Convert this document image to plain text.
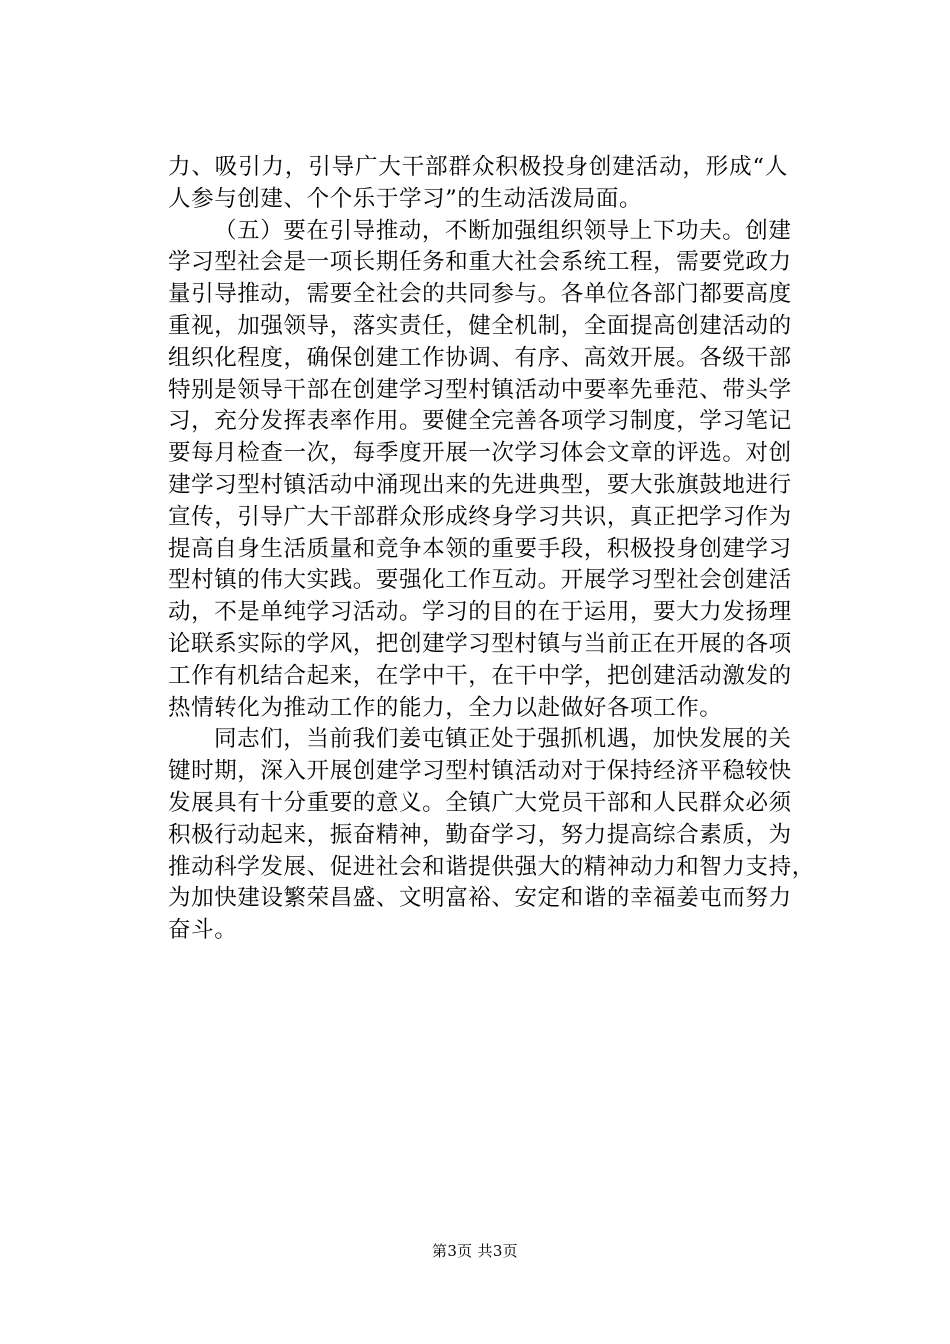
力、吸引力，引导广大干部群众积极投身创建活动，形成“人
人参与创建、个个乐于学习”的生动活泼局面。
（五）要在引导推动，不断加强组织领导上下功夫。创建
学习型社会是一项长期任务和重大社会系统工程，需要党政力
量引导推动，需要全社会的共同参与。各单位各部门都要高度
重视，加强领导，落实责任，健全机制，全面提高创建活动的
组织化程度，确保创建工作协调、有序、高效开展。各级干部
特别是领导干部在创建学习型村镇活动中要率先垂范、带头学
习，充分发挥表率作用。要健全完善各项学习制度，学习笔记
要每月检查一次，每季度开展一次学习体会文章的评选。对创
建学习型村镇活动中涌现出来的先进典型，要大张旗鼓地进行
宣传，引导广大干部群众形成终身学习共识，真正把学习作为
提高自身生活质量和竞争本领的重要手段，积极投身创建学习
型村镇的伟大实践。要强化工作互动。开展学习型社会创建活
动，不是单纯学习活动。学习的目的在于运用，要大力发扬理
论联系实际的学风，把创建学习型村镇与当前正在开展的各项
工作有机结合起来，在学中干，在干中学，把创建活动激发的
热情转化为推动工作的能力，全力以赴做好各项工作。
同志们，当前我们姜屯镇正处于强抓机遇，加快发展的关
键时期，深入开展创建学习型村镇活动对于保持经济平稳较快
发展具有十分重要的意义。全镇广大党员干部和人民群众必须
积极行动起来，振奋精神，勤奋学习，努力提高综合素质，为
推动科学发展、促进社会和谐提供强大的精神动力和智力支持，
为加快建设繁荣昌盛、文明富裕、安定和谐的幸福姜屯而努力
奋斗。
第3页 共3页
